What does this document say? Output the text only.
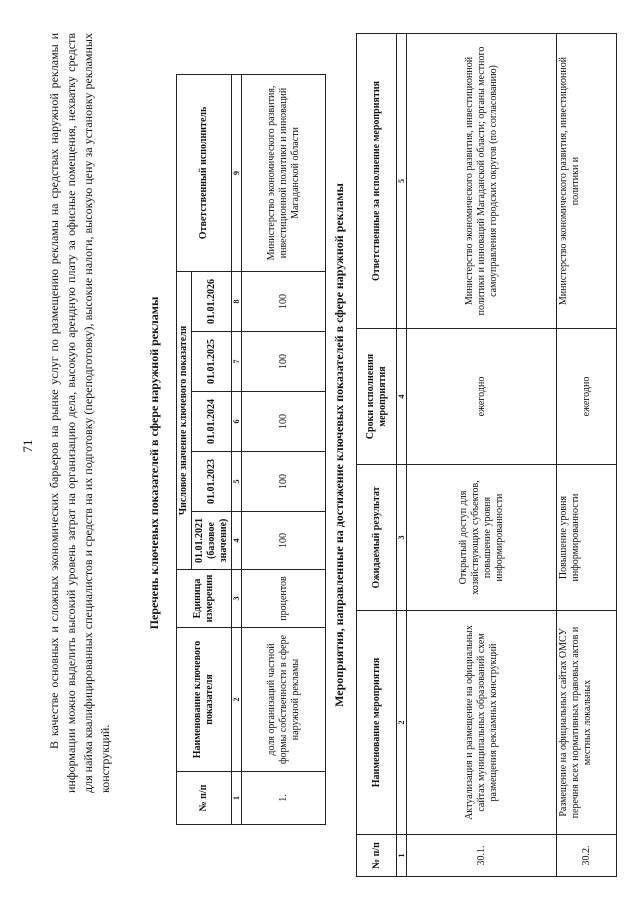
71 В качестве основных и сложных экономических барьеров на рынке услуг по размещению рекламы на средствах наружной рекламы и информации можно выделить высокий уровень затрат на организацию дела, высокую арендную плату за офисные помещения, нехватку средств для найма квалифицированных специалистов и средств на их подготовку (переподготовку), высокие налоги, высокую цену за установку рекламных конструкций.
Перечень ключевых показателей в сфере наружной рекламы
№ п/п	Наименование ключевого показателя	Единица измерения	Числовое значение ключевого показателя					Ответственный исполнитель
			01.01.2021 (базовое значение)	01.01.2023	01.01.2024	01.01.2025	01.01.2026	
1	2	3	4	5	6	7	8	9
1.	доля организаций частной формы собственности в сфере наружной рекламы	процентов	100	100	100	100	100	Министерство экономического развития, инвестиционной политики и инноваций Магаданской области
Мероприятия, направленные на достижение ключевых показателей в сфере наружной рекламы
№ п/п	Наименование мероприятия	Ожидаемый результат	Сроки исполнения мероприятия	Ответственные за исполнение мероприятия
1	2	3	4	5
30.1.	Актуализация и размещение на официальных сайтах муниципальных образований схем размещения рекламных конструкций	Открытый доступ для хозяйствующих субъектов, повышение уровня информированности	ежегодно	Министерство экономического развития, инвестиционной политики и инноваций Магаданской области; органы местного самоуправления городских округов (по согласованию)
30.2.	Размещение на официальных сайтах ОМСУ перечня всех нормативных правовых актов и местных локальных	Повышение уровня информированности	ежегодно	Министерство экономического развития, инвестиционной политики и
